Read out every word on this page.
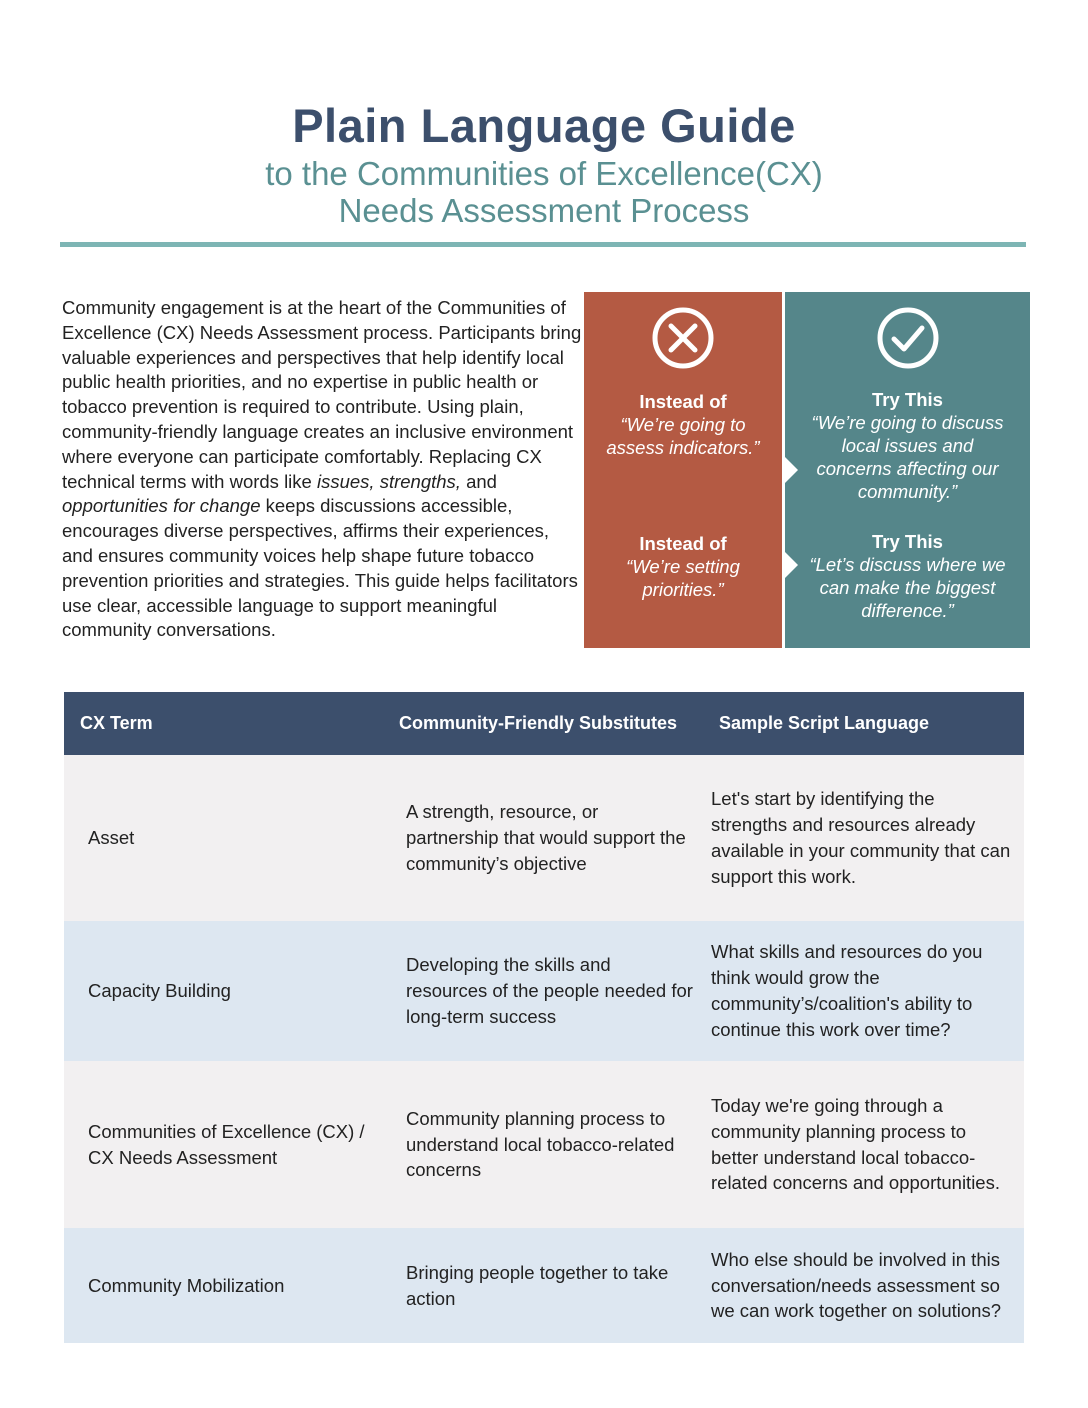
Plain Language Guide
to the Communities of Excellence(CX)
Needs Assessment Process
Community engagement is at the heart of the Communities of Excellence (CX) Needs Assessment process. Participants bring valuable experiences and perspectives that help identify local public health priorities, and no expertise in public health or tobacco prevention is required to contribute. Using plain, community-friendly language creates an inclusive environment where everyone can participate comfortably. Replacing CX technical terms with words like issues, strengths, and opportunities for change keeps discussions accessible, encourages diverse perspectives, affirms their experiences, and ensures community voices help shape future tobacco prevention priorities and strategies. This guide helps facilitators use clear, accessible language to support meaningful community conversations.
Instead of
“We’re going to assess indicators.”
Instead of
“We’re setting priorities.”
Try This
“We’re going to discuss local issues and concerns affecting our community.”
Try This
“Let’s discuss where we can make the biggest difference.”
CX Term	Community-Friendly Substitutes	Sample Script Language
Asset	A strength, resource, or partnership that would support the community’s objective	Let's start by identifying the strengths and resources already available in your community that can support this work.
Capacity Building	Developing the skills and resources of the people needed for long-term success	What skills and resources do you think would grow the community’s/coalition's ability to continue this work over time?
Communities of Excellence (CX) / CX Needs Assessment	Community planning process to understand local tobacco-related concerns	Today we're going through a community planning process to better understand local tobacco-related concerns and opportunities.
Community Mobilization	Bringing people together to take action	Who else should be involved in this conversation/needs assessment so we can work together on solutions?
